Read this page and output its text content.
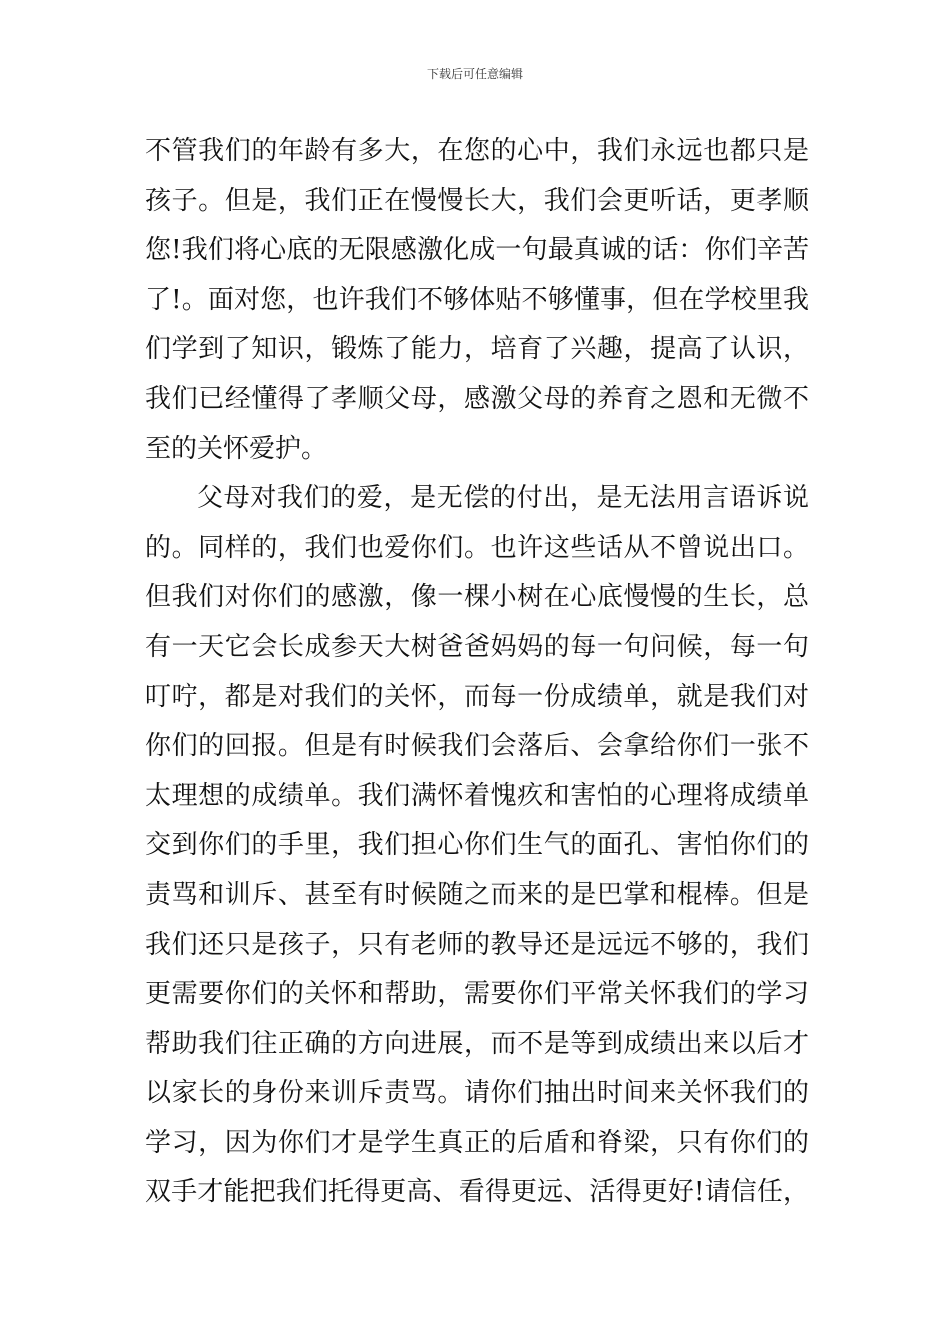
下载后可任意编辑
不管我们的年龄有多大，在您的心中，我们永远也都只是
孩子。但是，我们正在慢慢长大，我们会更听话，更孝顺
您!我们将心底的无限感激化成一句最真诚的话：你们辛苦
了!。面对您，也许我们不够体贴不够懂事，但在学校里我
们学到了知识，锻炼了能力，培育了兴趣，提高了认识，
我们已经懂得了孝顺父母，感激父母的养育之恩和无微不
至的关怀爱护。
父母对我们的爱，是无偿的付出，是无法用言语诉说
的。同样的，我们也爱你们。也许这些话从不曾说出口。
但我们对你们的感激，像一棵小树在心底慢慢的生长，总
有一天它会长成参天大树爸爸妈妈的每一句问候，每一句
叮咛，都是对我们的关怀，而每一份成绩单，就是我们对
你们的回报。但是有时候我们会落后、会拿给你们一张不
太理想的成绩单。我们满怀着愧疚和害怕的心理将成绩单
交到你们的手里，我们担心你们生气的面孔、害怕你们的
责骂和训斥、甚至有时候随之而来的是巴掌和棍棒。但是
我们还只是孩子，只有老师的教导还是远远不够的，我们
更需要你们的关怀和帮助，需要你们平常关怀我们的学习
帮助我们往正确的方向进展，而不是等到成绩出来以后才
以家长的身份来训斥责骂。请你们抽出时间来关怀我们的
学习，因为你们才是学生真正的后盾和脊梁，只有你们的
双手才能把我们托得更高、看得更远、活得更好!请信任，
